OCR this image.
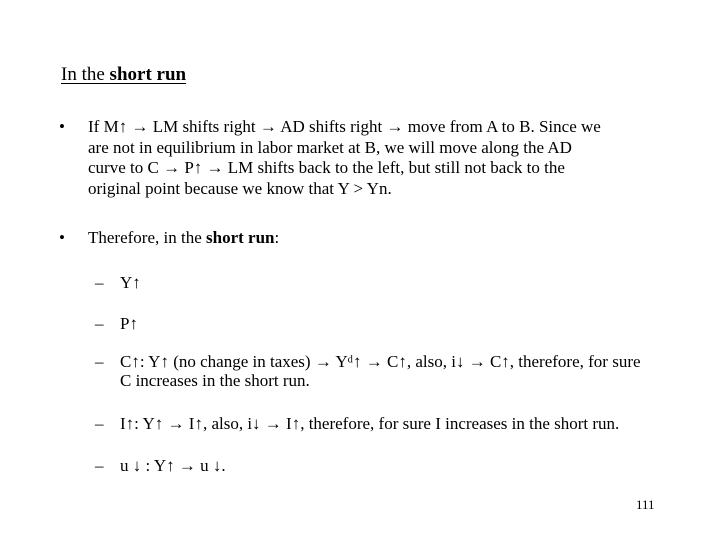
In the short run
• If M↑ → LM shifts right → AD shifts right → move from A to B. Since we
are not in equilibrium in labor market at B, we will move along the AD
curve to C → P↑ → LM shifts back to the left, but still not back to the
original point because we know that Y > Yn.
• Therefore, in the short run:
– Y↑
– P↑
– C↑: Y↑ (no change in taxes) → Yᵈ↑ → C↑, also, i↓ → C↑, therefore, for sure
C increases in the short run.
– I↑: Y↑ → I↑, also, i↓ → I↑, therefore, for sure I increases in the short run.
– u ↓ : Y↑ → u ↓.
111
